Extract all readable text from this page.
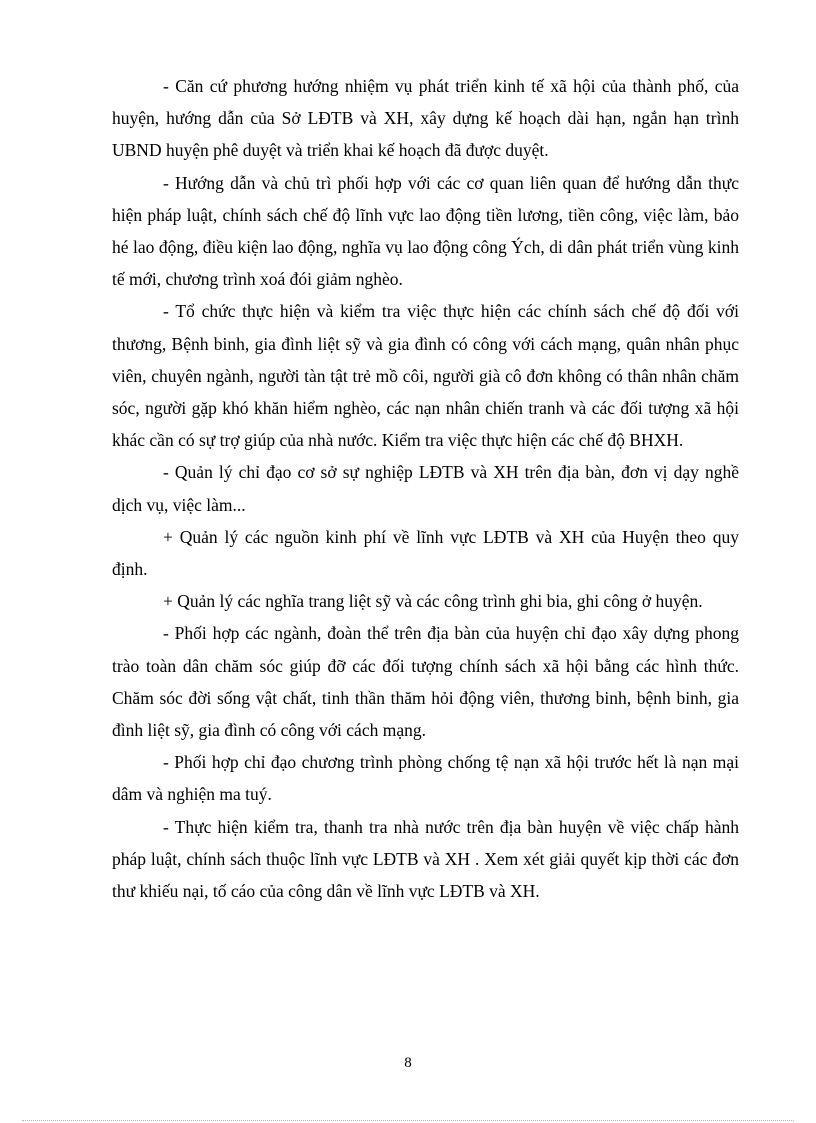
- Căn cứ phương hướng nhiệm vụ phát triển kinh tế xã hội của thành phố, của huyện, hướng dẫn của Sở LĐTB và XH, xây dựng kế hoạch dài hạn, ngắn hạn trình UBND huyện phê duyệt và triển khai kế hoạch đã được duyệt.

- Hướng dẫn và chủ trì phối hợp với các cơ quan liên quan để hướng dẫn thực hiện pháp luật, chính sách chế độ lĩnh vực lao động tiền lương, tiền công, việc làm, bảo hé lao động, điều kiện lao động, nghĩa vụ lao động công Ých, di dân phát triển vùng kinh tế mới, chương trình xoá đói giảm nghèo.

- Tổ chức thực hiện và kiểm tra việc thực hiện các chính sách chế độ đối với thương, Bệnh binh, gia đình liệt sỹ và gia đình có công với cách mạng, quân nhân phục viên, chuyên ngành, người tàn tật trẻ mồ côi, người già cô đơn không có thân nhân chăm sóc, người gặp khó khăn hiểm nghèo, các nạn nhân chiến tranh và các đối tượng xã hội khác cần có sự trợ giúp của nhà nước. Kiểm tra việc thực hiện các chế độ BHXH.

- Quản lý chỉ đạo cơ sở sự nghiệp LĐTB và XH trên địa bàn, đơn vị dạy nghề dịch vụ, việc làm...

+ Quản lý các nguồn kinh phí về lĩnh vực LĐTB và XH của Huyện theo quy định.

+ Quản lý các nghĩa trang liệt sỹ và các công trình ghi bia, ghi công ở huyện.

- Phối hợp các ngành, đoàn thể trên địa bàn của huyện chỉ đạo xây dựng phong trào toàn dân chăm sóc giúp đỡ các đối tượng chính sách xã hội bằng các hình thức. Chăm sóc đời sống vật chất, tinh thần thăm hỏi động viên, thương binh, bệnh binh, gia đình liệt sỹ, gia đình có công với cách mạng.

- Phối hợp chỉ đạo chương trình phòng chống tệ nạn xã hội trước hết là nạn mại dâm và nghiện ma tuý.

- Thực hiện kiểm tra, thanh tra nhà nước trên địa bàn huyện về việc chấp hành pháp luật, chính sách thuộc lĩnh vực LĐTB và XH . Xem xét giải quyết kịp thời các đơn thư khiếu nại, tố cáo của công dân về lĩnh vực LĐTB và XH.

8
